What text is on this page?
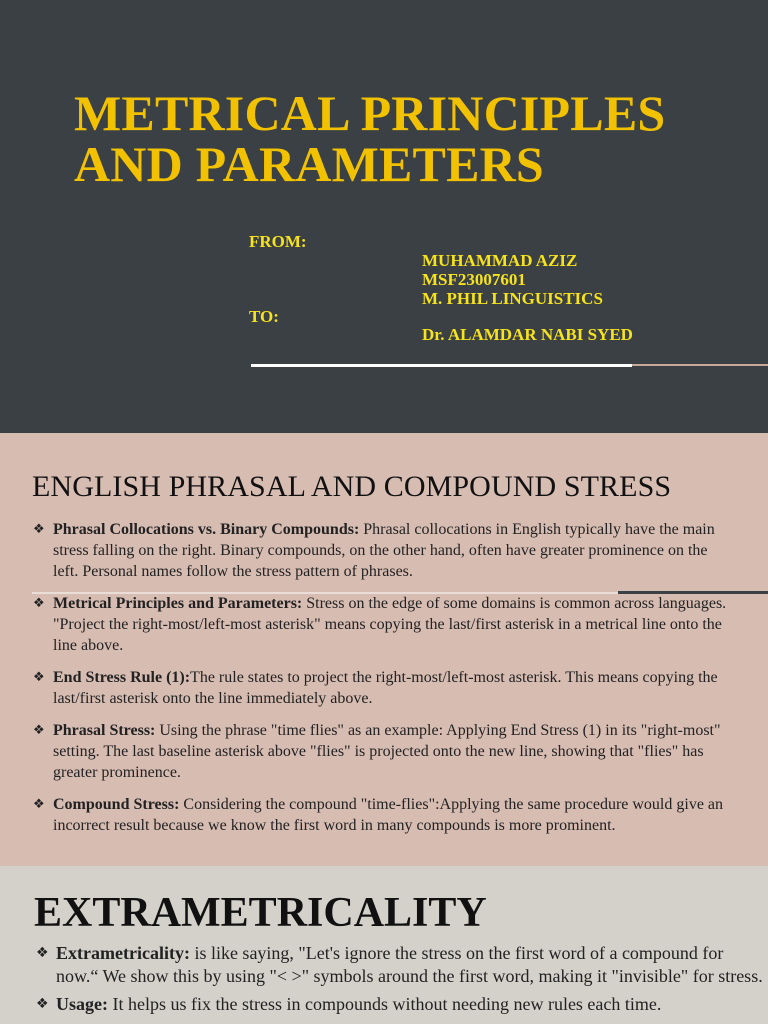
METRICAL PRINCIPLES
AND PARAMETERS
FROM:
MUHAMMAD AZIZ
MSF23007601
M. PHIL LINGUISTICS
TO:
Dr. ALAMDAR NABI SYED
ENGLISH PHRASAL AND COMPOUND STRESS
❖ Phrasal Collocations vs. Binary Compounds: Phrasal collocations in English typically have the main stress falling on the right. Binary compounds, on the other hand, often have greater prominence on the left. Personal names follow the stress pattern of phrases.
❖ Metrical Principles and Parameters: Stress on the edge of some domains is common across languages. "Project the right-most/left-most asterisk" means copying the last/first asterisk in a metrical line onto the line above.
❖ End Stress Rule (1):The rule states to project the right-most/left-most asterisk. This means copying the last/first asterisk onto the line immediately above.
❖ Phrasal Stress: Using the phrase "time flies" as an example: Applying End Stress (1) in its "right-most" setting. The last baseline asterisk above "flies" is projected onto the new line, showing that "flies" has greater prominence.
❖ Compound Stress: Considering the compound "time-flies":Applying the same procedure would give an incorrect result because we know the first word in many compounds is more prominent.
EXTRAMETRICALITY
❖ Extrametricality: is like saying, "Let's ignore the stress on the first word of a compound for now.“ We show this by using "< >" symbols around the first word, making it "invisible" for stress.
❖ Usage: It helps us fix the stress in compounds without needing new rules each time.
